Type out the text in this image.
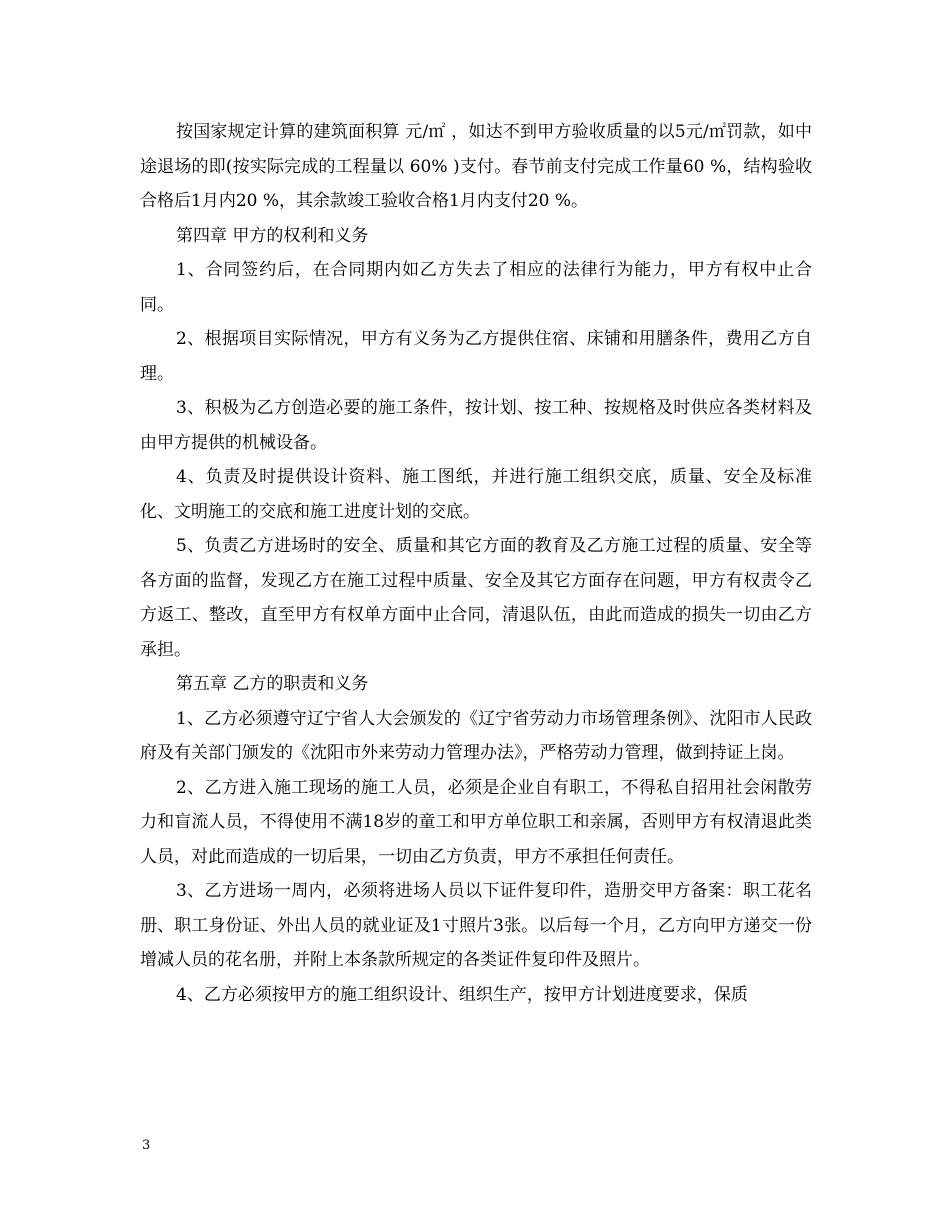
按国家规定计算的建筑面积算 元/㎡ ，如达不到甲方验收质量的以5元/㎡罚款，如中途退场的即(按实际完成的工程量以 60% )支付。春节前支付完成工作量60 %，结构验收合格后1月内20 %，其余款竣工验收合格1月内支付20 %。

第四章 甲方的权利和义务

1、合同签约后，在合同期内如乙方失去了相应的法律行为能力，甲方有权中止合同。

2、根据项目实际情况，甲方有义务为乙方提供住宿、床铺和用膳条件，费用乙方自理。

3、积极为乙方创造必要的施工条件，按计划、按工种、按规格及时供应各类材料及由甲方提供的机械设备。

4、负责及时提供设计资料、施工图纸，并进行施工组织交底，质量、安全及标准化、文明施工的交底和施工进度计划的交底。

5、负责乙方进场时的安全、质量和其它方面的教育及乙方施工过程的质量、安全等各方面的监督，发现乙方在施工过程中质量、安全及其它方面存在问题，甲方有权责令乙方返工、整改，直至甲方有权单方面中止合同，清退队伍，由此而造成的损失一切由乙方承担。

第五章 乙方的职责和义务

1、乙方必须遵守辽宁省人大会颁发的《辽宁省劳动力市场管理条例》、沈阳市人民政府及有关部门颁发的《沈阳市外来劳动力管理办法》，严格劳动力管理，做到持证上岗。

2、乙方进入施工现场的施工人员，必须是企业自有职工，不得私自招用社会闲散劳力和盲流人员，不得使用不满18岁的童工和甲方单位职工和亲属，否则甲方有权清退此类人员，对此而造成的一切后果，一切由乙方负责，甲方不承担任何责任。

3、乙方进场一周内，必须将进场人员以下证件复印件，造册交甲方备案：职工花名册、职工身份证、外出人员的就业证及1寸照片3张。以后每一个月，乙方向甲方递交一份增减人员的花名册，并附上本条款所规定的各类证件复印件及照片。

4、乙方必须按甲方的施工组织设计、组织生产，按甲方计划进度要求，保质

3
